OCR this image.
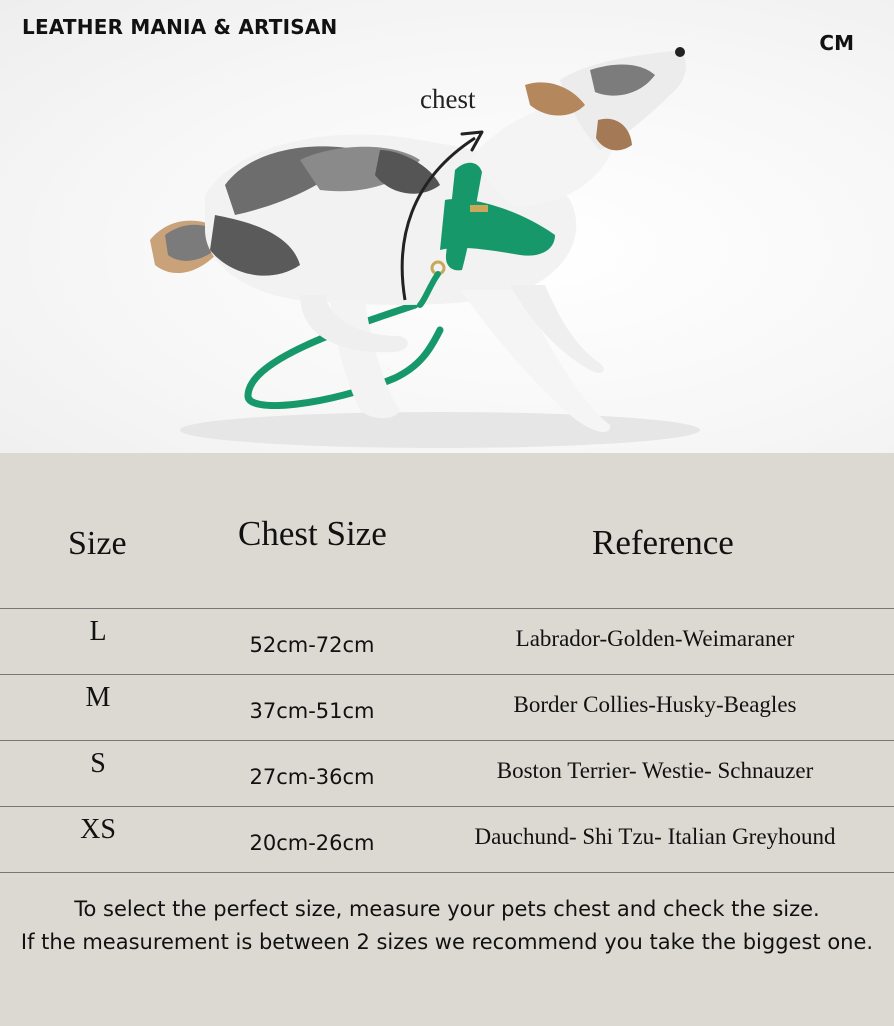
LEATHER MANIA & ARTISAN
CM
chest
Size	Chest Size	Reference
L	52cm-72cm	Labrador-Golden-Weimaraner
M	37cm-51cm	Border Collies-Husky-Beagles
S	27cm-36cm	Boston Terrier- Westie- Schnauzer
XS	20cm-26cm	Dauchund- Shi Tzu- Italian Greyhound
To select the perfect size, measure your pets chest and check the size.
If the measurement is between 2 sizes we recommend you take the biggest one.
